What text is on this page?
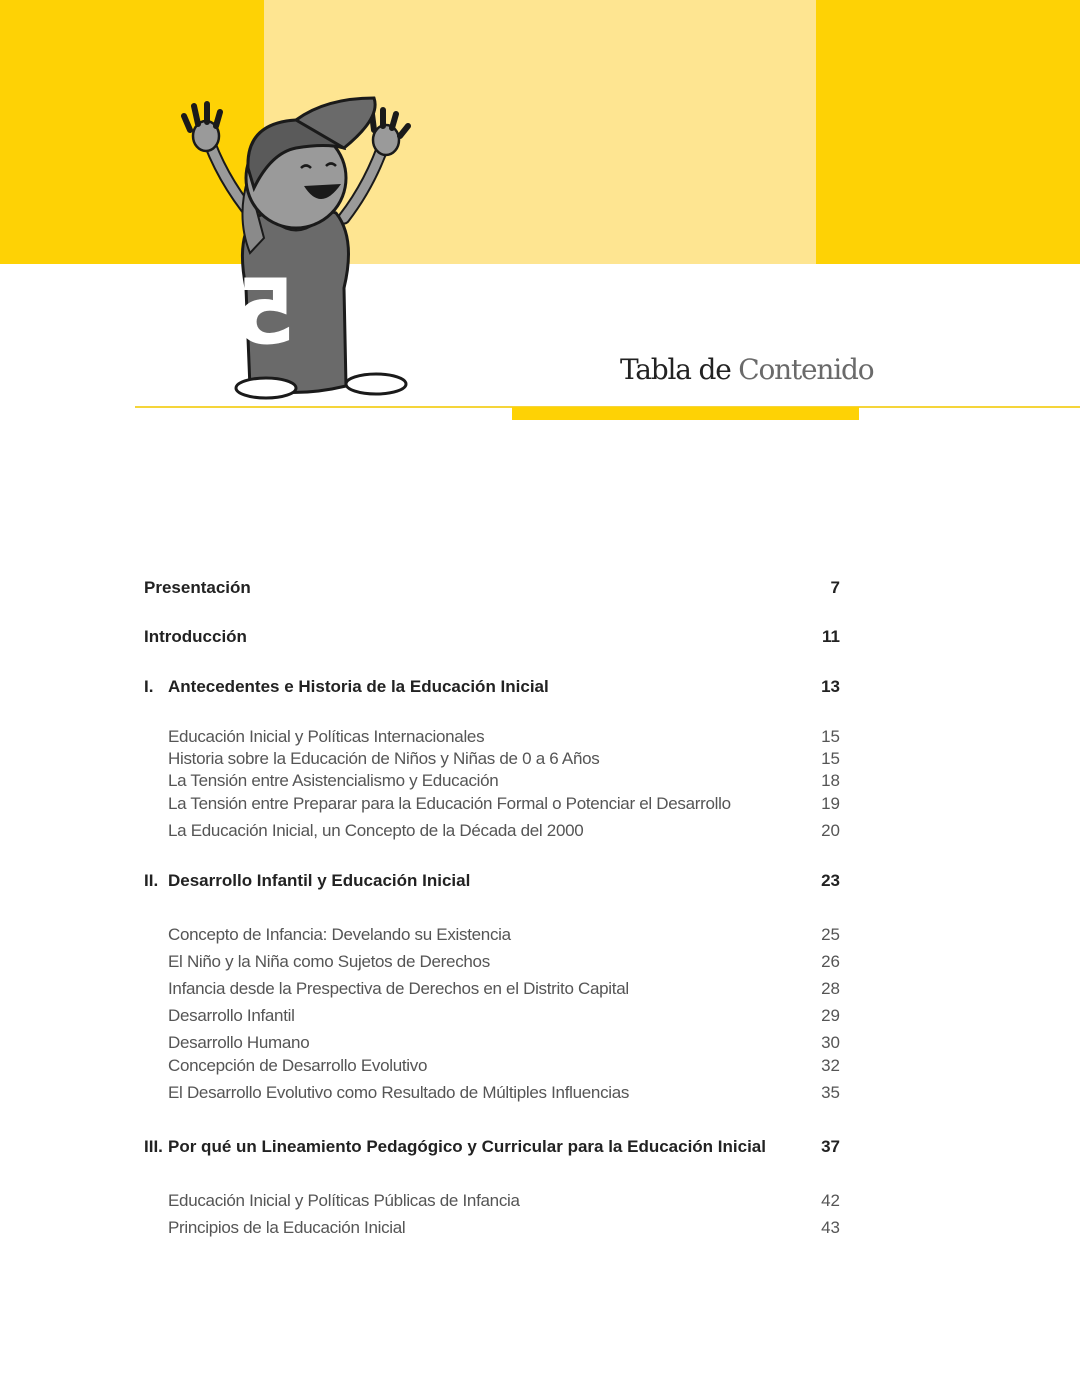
5
Tabla de Contenido
Presentación	7
Introducción	11
I. Antecedentes e Historia de la Educación Inicial	13
Educación Inicial y Políticas Internacionales	15
Historia sobre la Educación de Niños y Niñas de 0 a 6 Años	15
La Tensión entre Asistencialismo y Educación	18
La Tensión entre Preparar para la Educación Formal o Potenciar el Desarrollo	19
La Educación Inicial, un Concepto de la Década del 2000	20
II. Desarrollo Infantil y Educación Inicial	23
Concepto de Infancia: Develando su Existencia	25
El Niño y la Niña como Sujetos de Derechos	26
Infancia desde la Prespectiva de Derechos en el Distrito Capital	28
Desarrollo Infantil	29
Desarrollo Humano	30
Concepción de Desarrollo Evolutivo	32
El Desarrollo Evolutivo como Resultado de Múltiples Influencias	35
III. Por qué un Lineamiento Pedagógico y Curricular para la Educación Inicial	37
Educación Inicial y Políticas Públicas de Infancia	42
Principios de la Educación Inicial	43
